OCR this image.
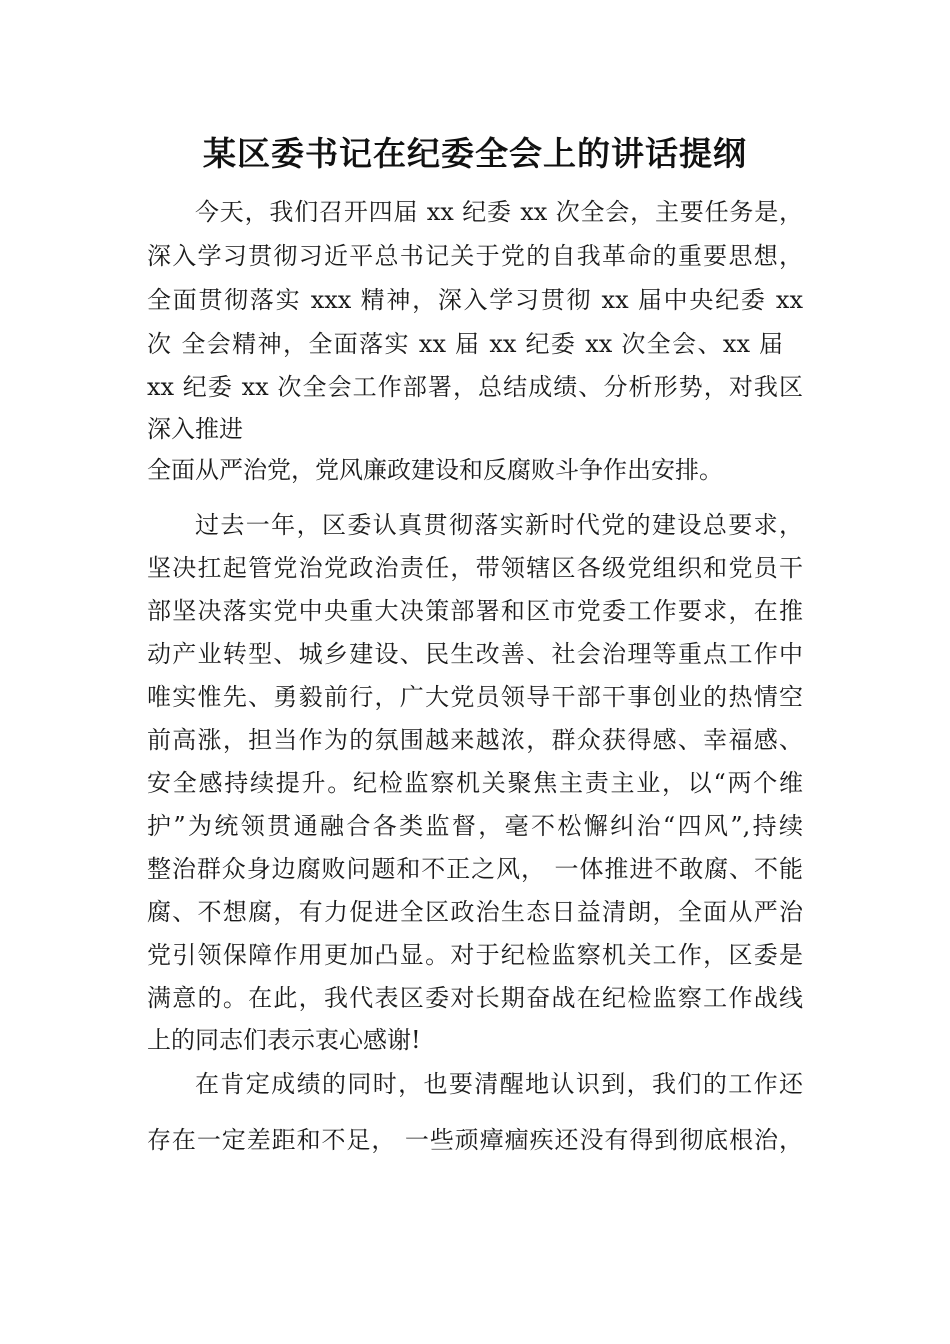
某区委书记在纪委全会上的讲话提纲

今天，我们召开四届 xx 纪委 xx 次全会，主要任务是，

深入学习贯彻习近平总书记关于党的自我革命的重要思想，

全面贯彻落实 xxx 精神，深入学习贯彻 xx 届中央纪委 xx

次 全会精神，全面落实 xx 届 xx 纪委 xx 次全会、xx 届

xx 纪委 xx 次全会工作部署，总结成绩、分析形势，对我区

深入推进

全面从严治党，党风廉政建设和反腐败斗争作出安排。

过去一年，区委认真贯彻落实新时代党的建设总要求，

坚决扛起管党治党政治责任，带领辖区各级党组织和党员干

部坚决落实党中央重大决策部署和区市党委工作要求，在推

动产业转型、城乡建设、民生改善、社会治理等重点工作中

唯实惟先、勇毅前行，广大党员领导干部干事创业的热情空

前高涨，担当作为的氛围越来越浓，群众获得感、幸福感、

安全感持续提升。纪检监察机关聚焦主责主业，以“两个维

护”为统领贯通融合各类监督，毫不松懈纠治“四风”,持续

整治群众身边腐败问题和不正之风， 一体推进不敢腐、不能

腐、不想腐，有力促进全区政治生态日益清朗，全面从严治

党引领保障作用更加凸显。对于纪检监察机关工作，区委是

满意的。在此，我代表区委对长期奋战在纪检监察工作战线

上的同志们表示衷心感谢!

在肯定成绩的同时，也要清醒地认识到，我们的工作还

存在一定差距和不足， 一些顽瘴痼疾还没有得到彻底根治，
